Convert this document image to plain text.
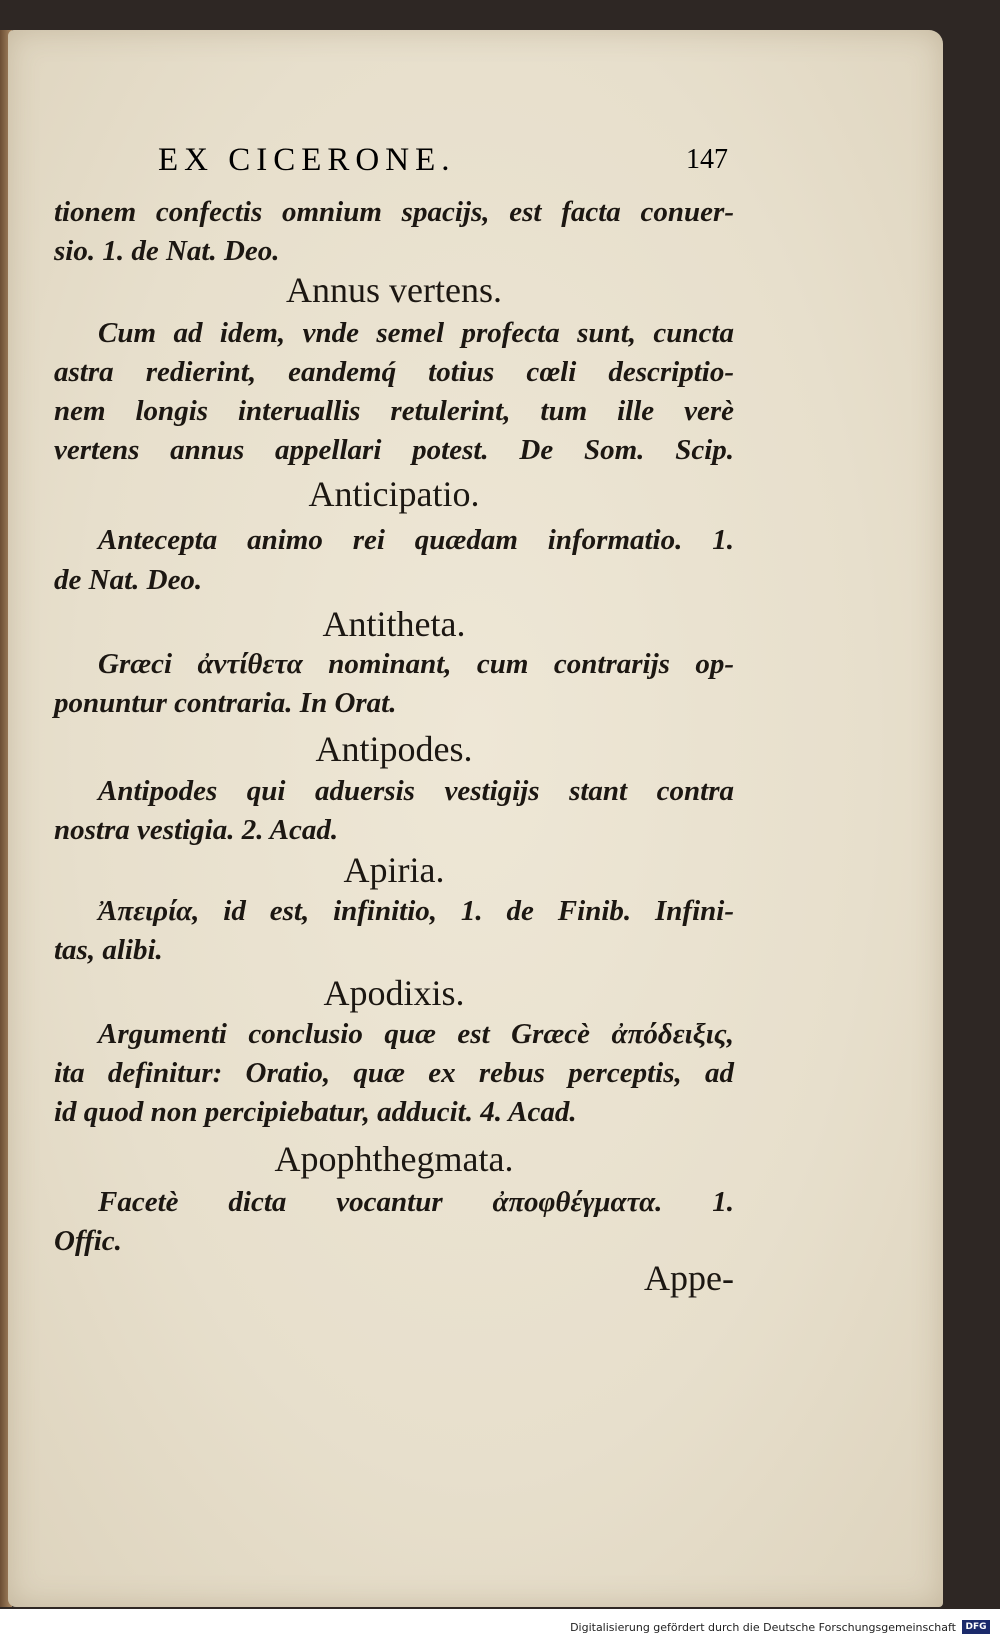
EX CICERONE.	147
tionem confectis omnium spacijs, est facta conuer-
sio. 1. de Nat. Deo.
Annus vertens.
Cum ad idem, vnde semel profecta sunt, cuncta
astra redierint, eandemq́ totius cœli descriptio-
nem longis interuallis retulerint, tum ille verè
vertens annus appellari potest. De Som. Scip.
Anticipatio.
Antecepta animo rei quædam informatio. 1.
de Nat. Deo.
Antitheta.
Græci ἀντίθετα nominant, cum contrarijs op-
ponuntur contraria. In Orat.
Antipodes.
Antipodes qui aduersis vestigijs stant contra
nostra vestigia. 2. Acad.
Apiria.
Ἀπειρία, id est, infinitio, 1. de Finib. Infini-
tas, alibi.
Apodixis.
Argumenti conclusio quæ est Græcè ἀπόδειξις,
ita definitur: Oratio, quæ ex rebus perceptis, ad
id quod non percipiebatur, adducit. 4. Acad.
Apophthegmata.
Facetè dicta vocantur ἀποφθέγματα. 1.
Offic.
Appe-
Digitalisierung gefördert durch die Deutsche Forschungsgemeinschaft	DFG
